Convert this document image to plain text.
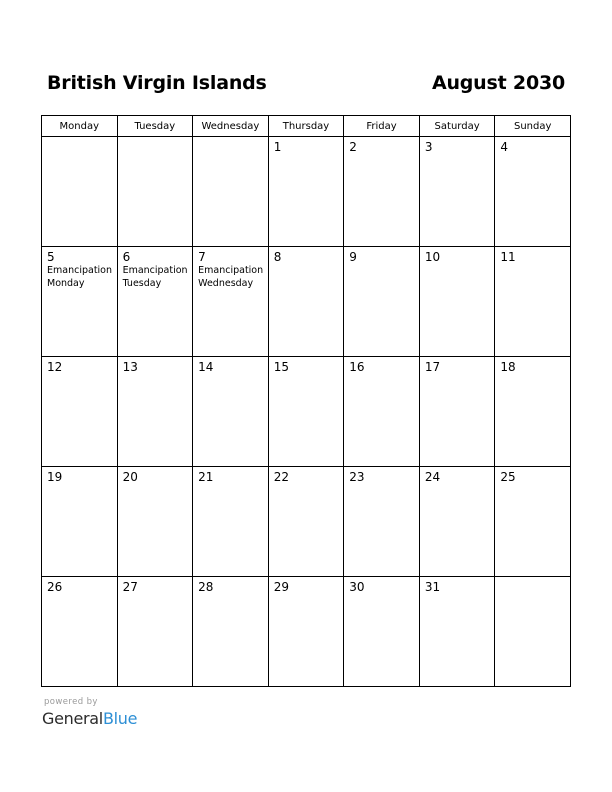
British Virgin Islands	August 2030
Monday	Tuesday	Wednesday	Thursday	Friday	Saturday	Sunday

			1	2	3	4

5
Emancipation
Monday	6
Emancipation
Tuesday	7
Emancipation
Wednesday	8	9	10	11

12	13	14	15	16	17	18

19	20	21	22	23	24	25

26	27	28	29	30	31	

powered by
GeneralBlue
